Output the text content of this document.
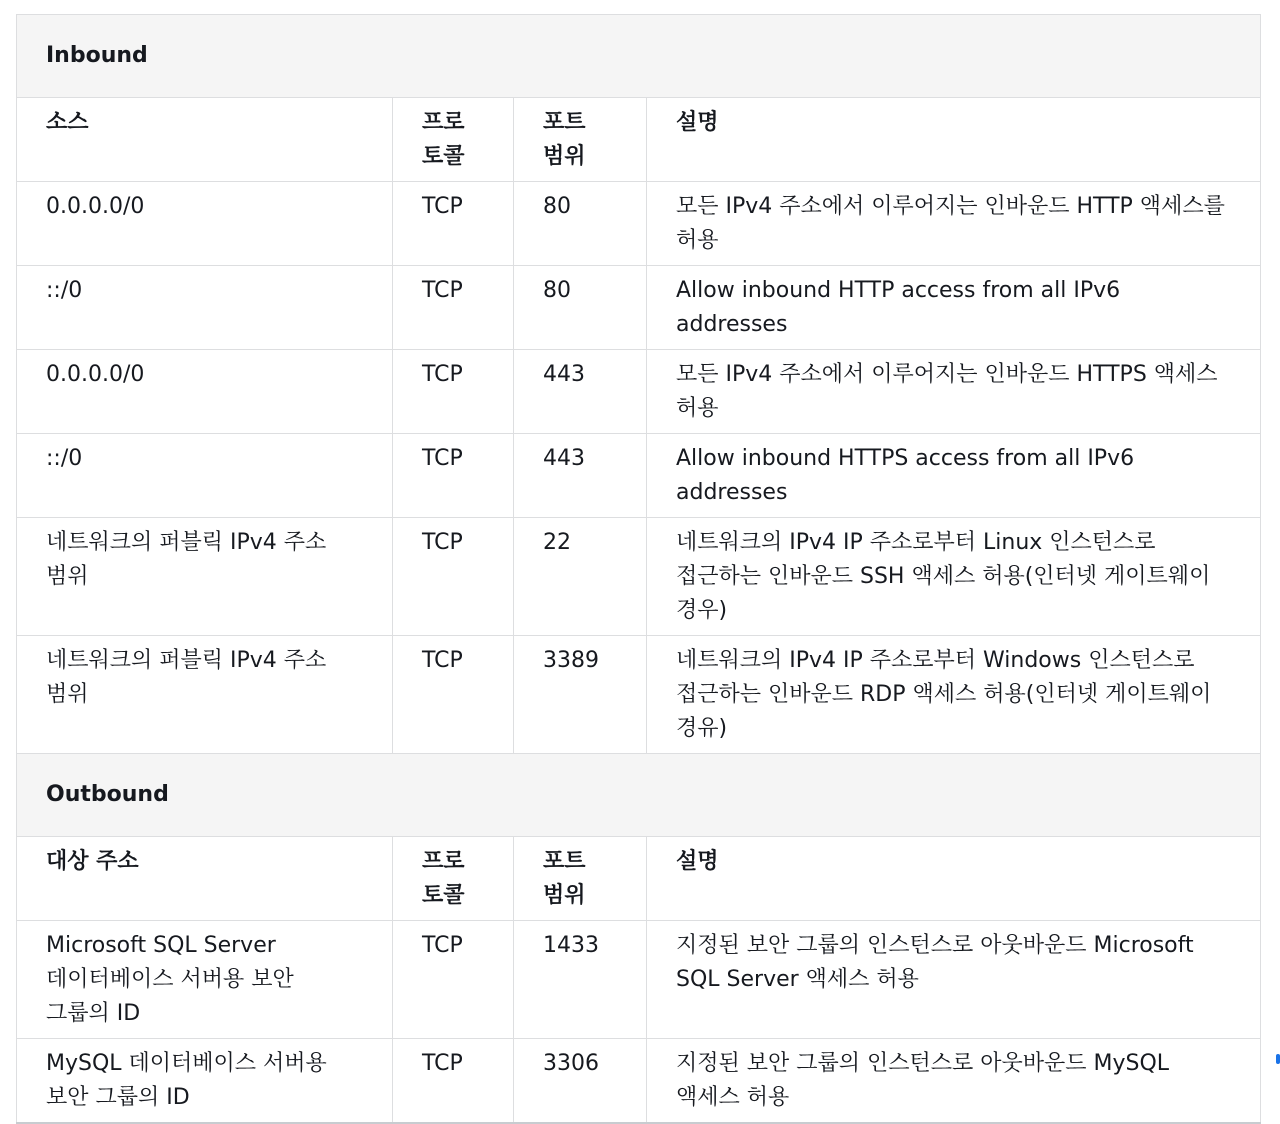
Inbound			
소스	프로토콜	포트 범위	설명
0.0.0.0/0	TCP	80	모든 IPv4 주소에서 이루어지는 인바운드 HTTP 액세스를 허용
::/0	TCP	80	Allow inbound HTTP access from all IPv6 addresses
0.0.0.0/0	TCP	443	모든 IPv4 주소에서 이루어지는 인바운드 HTTPS 액세스 허용
::/0	TCP	443	Allow inbound HTTPS access from all IPv6 addresses
네트워크의 퍼블릭 IPv4 주소 범위	TCP	22	네트워크의 IPv4 IP 주소로부터 Linux 인스턴스로 접근하는 인바운드 SSH 액세스 허용(인터넷 게이트웨이 경우)
네트워크의 퍼블릭 IPv4 주소 범위	TCP	3389	네트워크의 IPv4 IP 주소로부터 Windows 인스턴스로 접근하는 인바운드 RDP 액세스 허용(인터넷 게이트웨이 경유)
Outbound			
대상 주소	프로토콜	포트 범위	설명
Microsoft SQL Server 데이터베이스 서버용 보안 그룹의 ID	TCP	1433	지정된 보안 그룹의 인스턴스로 아웃바운드 Microsoft SQL Server 액세스 허용
MySQL 데이터베이스 서버용 보안 그룹의 ID	TCP	3306	지정된 보안 그룹의 인스턴스로 아웃바운드 MySQL 액세스 허용
